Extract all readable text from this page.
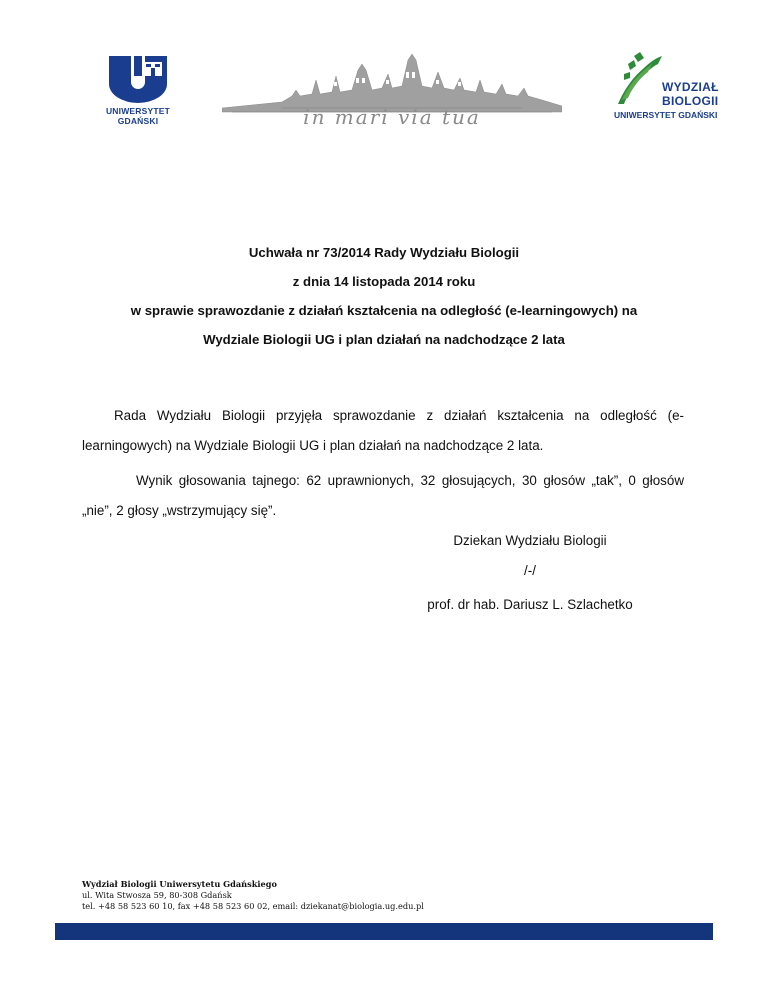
UNIWERSYTET GDAŃSKI	in mari via tua
WYDZIAŁ
BIOLOGII
UNIWERSYTET GDAŃSKI
Uchwała nr 73/2014 Rady Wydziału Biologii
z dnia 14 listopada 2014 roku
w sprawie sprawozdanie z działań kształcenia na odległość (e-learningowych) na
Wydziale Biologii UG i plan działań na nadchodzące 2 lata
Rada Wydziału Biologii przyjęła sprawozdanie z działań kształcenia na odległość (e-learningowych) na Wydziale Biologii UG i plan działań na nadchodzące 2 lata.
Wynik głosowania tajnego: 62 uprawnionych, 32 głosujących, 30 głosów „tak”, 0 głosów „nie”, 2 głosy „wstrzymujący się”.
Dziekan Wydziału Biologii
/-/
prof. dr hab. Dariusz L. Szlachetko
Wydział Biologii Uniwersytetu Gdańskiego
ul. Wita Stwosza 59, 80-308 Gdańsk
tel. +48 58 523 60 10, fax +48 58 523 60 02, email: dziekanat@biologia.ug.edu.pl
